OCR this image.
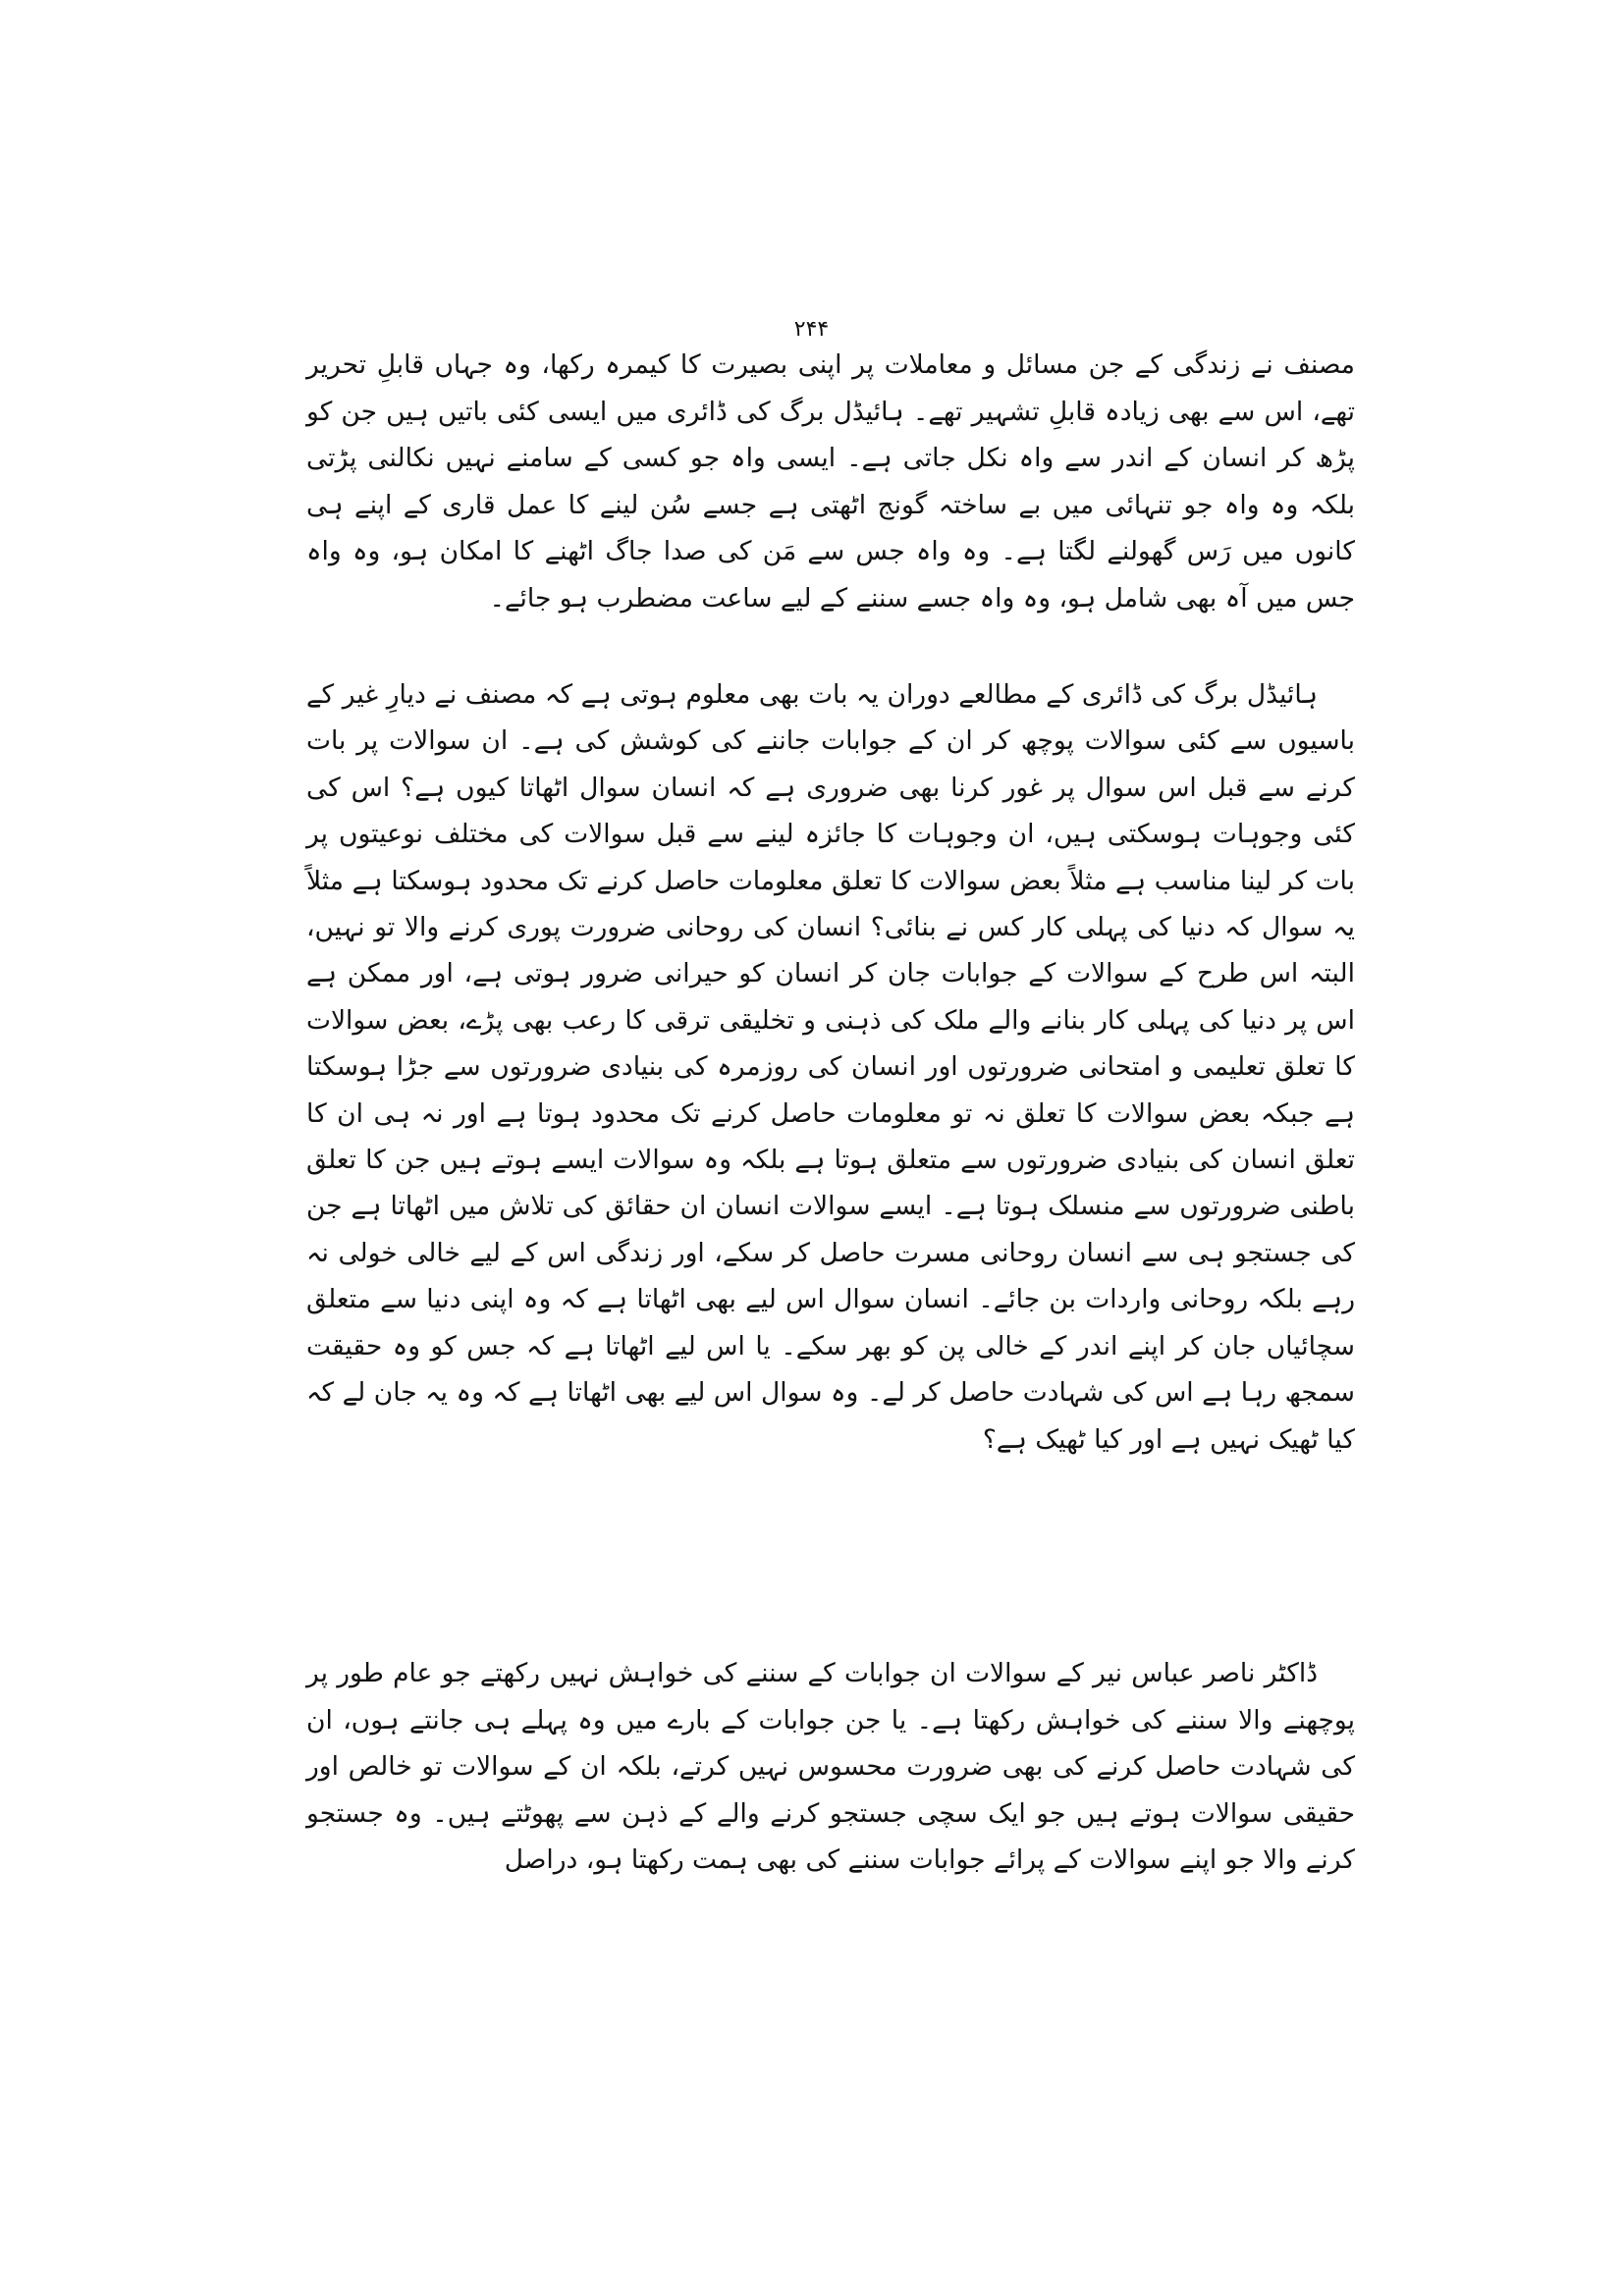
۲۴۴

مصنف نے زندگی کے جن مسائل و معاملات پر اپنی بصیرت کا کیمرہ رکھا، وہ جہاں قابلِ تحریر تھے، اس سے بھی زیادہ قابلِ تشہیر تھے۔ ہائیڈل برگ کی ڈائری میں ایسی کئی باتیں ہیں جن کو پڑھ کر انسان کے اندر سے واہ نکل جاتی ہے۔ ایسی واہ جو کسی کے سامنے نہیں نکالنی پڑتی بلکہ وہ واہ جو تنہائی میں بے ساختہ گونج اٹھتی ہے جسے سُن لینے کا عمل قاری کے اپنے ہی کانوں میں رَس گھولنے لگتا ہے۔ وہ واہ جس سے مَن کی صدا جاگ اٹھنے کا امکان ہو، وہ واہ جس میں آہ بھی شامل ہو، وہ واہ جسے سننے کے لیے ساعت مضطرب ہو جائے۔

ہائیڈل برگ کی ڈائری کے مطالعے دوران یہ بات بھی معلوم ہوتی ہے کہ مصنف نے دیارِ غیر کے باسیوں سے کئی سوالات پوچھ کر ان کے جوابات جاننے کی کوشش کی ہے۔ ان سوالات پر بات کرنے سے قبل اس سوال پر غور کرنا بھی ضروری ہے کہ انسان سوال اٹھاتا کیوں ہے؟ اس کی کئی وجوہات ہوسکتی ہیں، ان وجوہات کا جائزہ لینے سے قبل سوالات کی مختلف نوعیتوں پر بات کر لینا مناسب ہے مثلاً بعض سوالات کا تعلق معلومات حاصل کرنے تک محدود ہوسکتا ہے مثلاً یہ سوال کہ دنیا کی پہلی کار کس نے بنائی؟ انسان کی روحانی ضرورت پوری کرنے والا تو نہیں، البتہ اس طرح کے سوالات کے جوابات جان کر انسان کو حیرانی ضرور ہوتی ہے، اور ممکن ہے اس پر دنیا کی پہلی کار بنانے والے ملک کی ذہنی و تخلیقی ترقی کا رعب بھی پڑے، بعض سوالات کا تعلق تعلیمی و امتحانی ضرورتوں اور انسان کی روزمرہ کی بنیادی ضرورتوں سے جڑا ہوسکتا ہے جبکہ بعض سوالات کا تعلق نہ تو معلومات حاصل کرنے تک محدود ہوتا ہے اور نہ ہی ان کا تعلق انسان کی بنیادی ضرورتوں سے متعلق ہوتا ہے بلکہ وہ سوالات ایسے ہوتے ہیں جن کا تعلق باطنی ضرورتوں سے منسلک ہوتا ہے۔ ایسے سوالات انسان ان حقائق کی تلاش میں اٹھاتا ہے جن کی جستجو ہی سے انسان روحانی مسرت حاصل کر سکے، اور زندگی اس کے لیے خالی خولی نہ رہے بلکہ روحانی واردات بن جائے۔ انسان سوال اس لیے بھی اٹھاتا ہے کہ وہ اپنی دنیا سے متعلق سچائیاں جان کر اپنے اندر کے خالی پن کو بھر سکے۔ یا اس لیے اٹھاتا ہے کہ جس کو وہ حقیقت سمجھ رہا ہے اس کی شہادت حاصل کر لے۔ وہ سوال اس لیے بھی اٹھاتا ہے کہ وہ یہ جان لے کہ کیا ٹھیک نہیں ہے اور کیا ٹھیک ہے؟

ڈاکٹر ناصر عباس نیر کے سوالات ان جوابات کے سننے کی خواہش نہیں رکھتے جو عام طور پر پوچھنے والا سننے کی خواہش رکھتا ہے۔ یا جن جوابات کے بارے میں وہ پہلے ہی جانتے ہوں، ان کی شہادت حاصل کرنے کی بھی ضرورت محسوس نہیں کرتے، بلکہ ان کے سوالات تو خالص اور حقیقی سوالات ہوتے ہیں جو ایک سچی جستجو کرنے والے کے ذہن سے پھوٹتے ہیں۔ وہ جستجو کرنے والا جو اپنے سوالات کے پرائے جوابات سننے کی بھی ہمت رکھتا ہو، دراصل
